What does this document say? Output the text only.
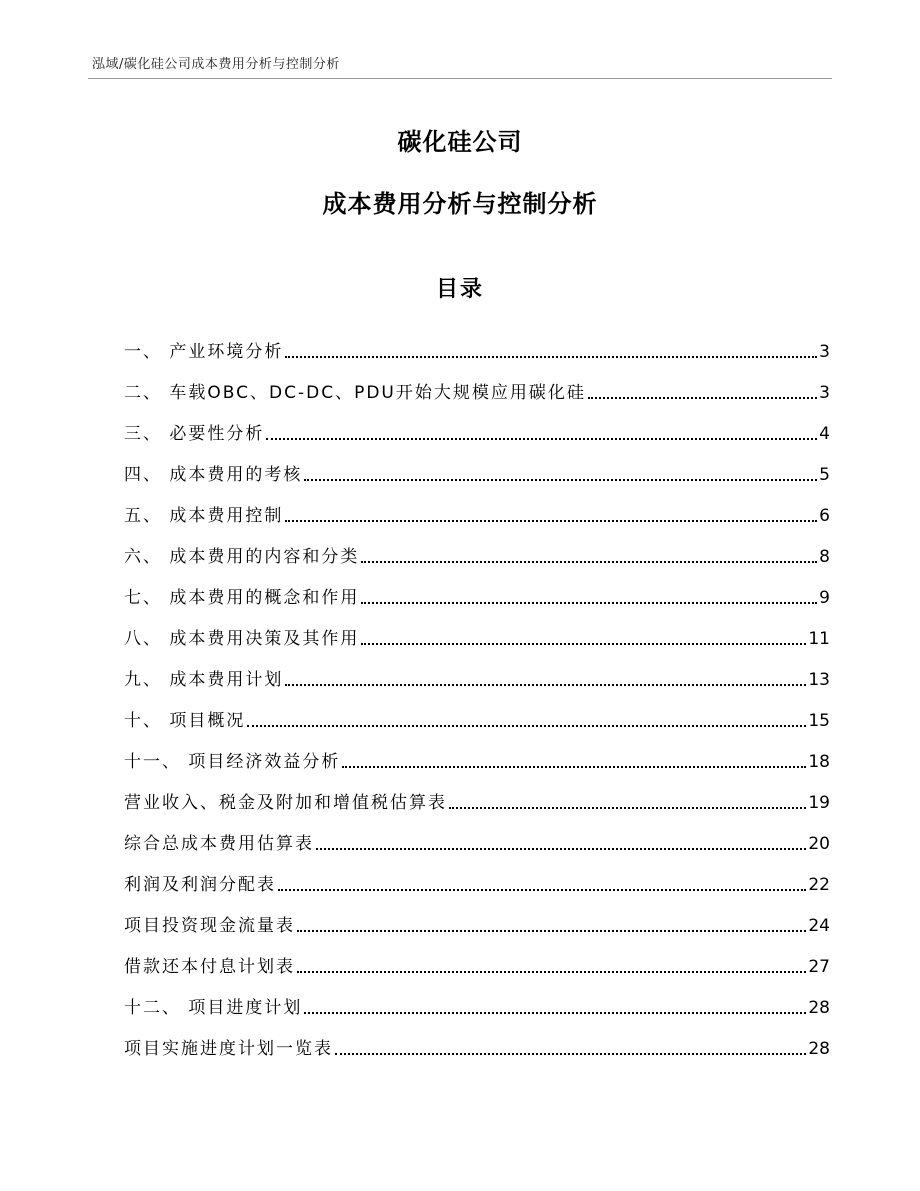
泓域/碳化硅公司成本费用分析与控制分析
碳化硅公司
成本费用分析与控制分析
目录
一、 产业环境分析	3
二、 车载OBC、DC-DC、PDU开始大规模应用碳化硅	3
三、 必要性分析	4
四、 成本费用的考核	5
五、 成本费用控制	6
六、 成本费用的内容和分类	8
七、 成本费用的概念和作用	9
八、 成本费用决策及其作用	11
九、 成本费用计划	13
十、 项目概况	15
十一、 项目经济效益分析	18
营业收入、税金及附加和增值税估算表	19
综合总成本费用估算表	20
利润及利润分配表	22
项目投资现金流量表	24
借款还本付息计划表	27
十二、 项目进度计划	28
项目实施进度计划一览表	28
